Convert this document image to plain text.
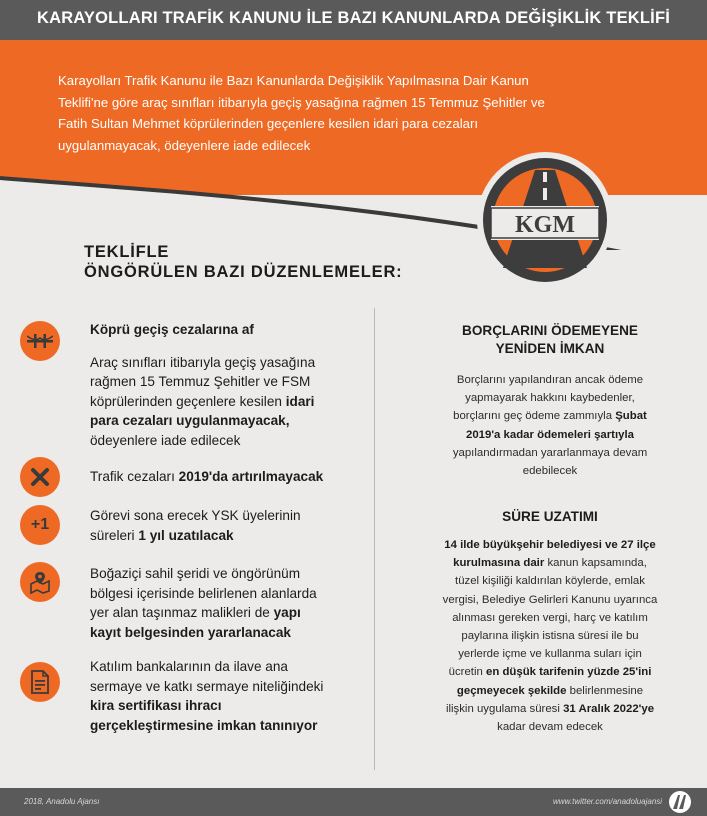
KARAYOLLARI TRAFİK KANUNU İLE BAZI KANUNLARDA DEĞİŞİKLİK TEKLİFİ
Karayolları Trafik Kanunu ile Bazı Kanunlarda Değişiklik Yapılmasına Dair Kanun
Teklifi'ne göre araç sınıfları itibarıyla geçiş yasağına rağmen 15 Temmuz Şehitler ve
Fatih Sultan Mehmet köprülerinden geçenlere kesilen idari para cezaları
uygulanmayacak, ödeyenlere iade edilecek
KGM
TEKLİFLE
ÖNGÖRÜLEN BAZI DÜZENLEMELER:
Köprü geçiş cezalarına af
Araç sınıfları itibarıyla geçiş yasağına
rağmen 15 Temmuz Şehitler ve FSM
köprülerinden geçenlere kesilen idari
para cezaları uygulanmayacak,
ödeyenlere iade edilecek
Trafik cezaları 2019'da artırılmayacak
+1
Görevi sona erecek YSK üyelerinin
süreleri 1 yıl uzatılacak
Boğaziçi sahil şeridi ve öngörünüm
bölgesi içerisinde belirlenen alanlarda
yer alan taşınmaz malikleri de yapı
kayıt belgesinden yararlanacak
Katılım bankalarının da ilave ana
sermaye ve katkı sermaye niteliğindeki
kira sertifikası ihracı
gerçekleştirmesine imkan tanınıyor
BORÇLARINI ÖDEMEYENE
YENİDEN İMKAN
Borçlarını yapılandıran ancak ödeme
yapmayarak hakkını kaybedenler,
borçlarını geç ödeme zammıyla Şubat
2019'a kadar ödemeleri şartıyla
yapılandırmadan yararlanmaya devam
edebilecek
SÜRE UZATIMI
14 ilde büyükşehir belediyesi ve 27 ilçe
kurulmasına dair kanun kapsamında,
tüzel kişiliği kaldırılan köylerde, emlak
vergisi, Belediye Gelirleri Kanunu uyarınca
alınması gereken vergi, harç ve katılım
paylarına ilişkin istisna süresi ile bu
yerlerde içme ve kullanma suları için
ücretin en düşük tarifenin yüzde 25'ini
geçmeyecek şekilde belirlenmesine
ilişkin uygulama süresi 31 Aralık 2022'ye
kadar devam edecek
2018, Anadolu Ajansı	www.twitter.com/anadoluajansi
